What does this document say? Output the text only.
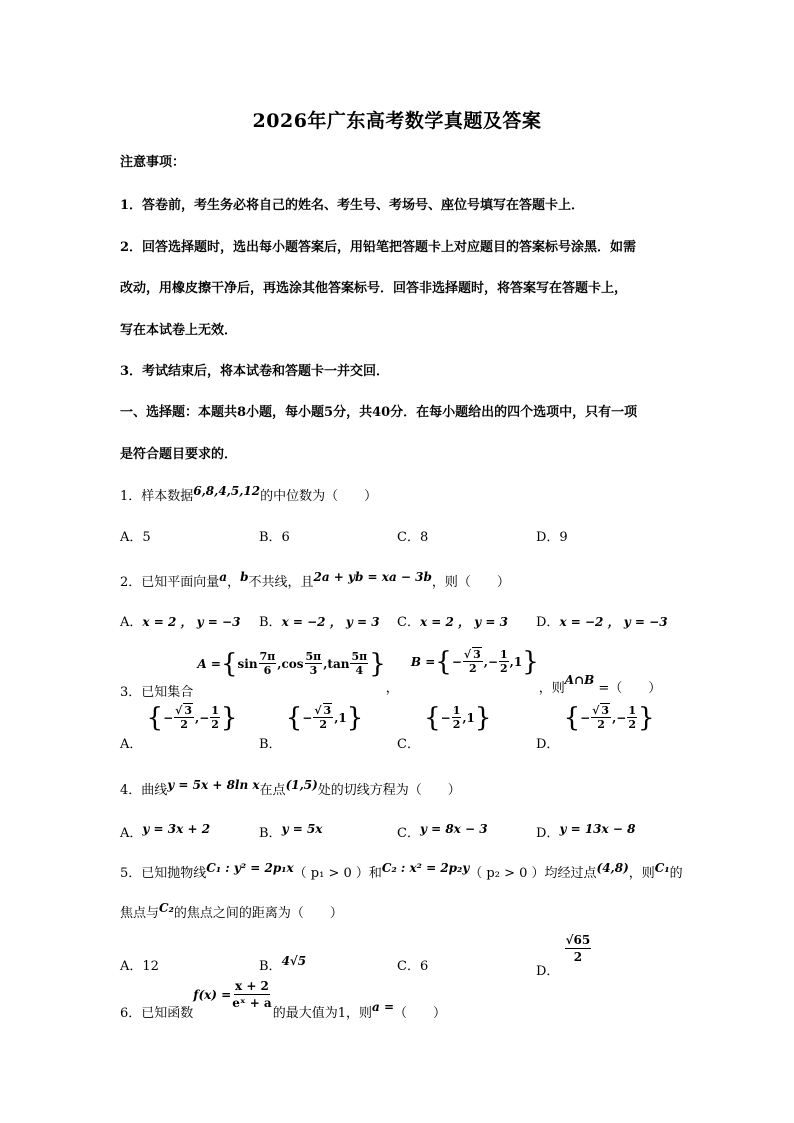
2026年广东高考数学真题及答案
注意事项：
1．答卷前，考生务必将自己的姓名、考生号、考场号、座位号填写在答题卡上．
2．回答选择题时，选出每小题答案后，用铅笔把答题卡上对应题目的答案标号涂黑．如需
改动，用橡皮擦干净后，再选涂其他答案标号．回答非选择题时，将答案写在答题卡上，
写在本试卷上无效．
3．考试结束后，将本试卷和答题卡一并交回．
一、选择题：本题共8小题，每小题5分，共40分．在每小题给出的四个选项中，只有一项
是符合题目要求的．
1．样本数据6,8,4,5,12的中位数为（　　）
A．5	B．6	C．8	D．9
2．已知平面向量a，b不共线，且2a + yb = xa − 3b，则（　　）
A．x = 2 ， y = −3 B．x = −2 ， y = 3 C．x = 2 ， y = 3 D．x = −2 ， y = −3
3．已知集合
A = { $\sin \frac{7\pi}{6} ,\cos \frac{5\pi}{3} ,\tan \frac{5\pi}{4}$ }
，
B = { − $\frac{√ 3}{2}$ ,− $\frac{1}{2} ,1$ }
，则A∩B =（　　）
A．
{ − $\frac{√ 3}{2}$ ,− $\frac{1}{2}$ }
B．
{ − $\frac{√ 3}{2} ,1$ }
C．
{ − $\frac{1}{2} ,1$ }
D．
{ − $\frac{√ 3}{2}$ ,− $\frac{1}{2}$ }
4．曲线y = 5x + 8ln x在点(1,5)处的切线方程为（　　）
A．y = 3x + 2	B．y = 5x	C．y = 8x − 3	D．y = 13x − 8
5．已知抛物线C₁ : y² = 2p₁x（ p₁ > 0 ）和C₂ : x² = 2p₂y（ p₂ > 0 ）均经过点(4,8)，则C₁的
焦点与C₂的焦点之间的距离为（　　）
A．12	B．4√5	C．6	D．
$\frac{√65}{2}$
6．已知函数
$f(x) = \frac{x + 2}{\text{eˣ + a}}$
的最大值为1，则a =（　　）
